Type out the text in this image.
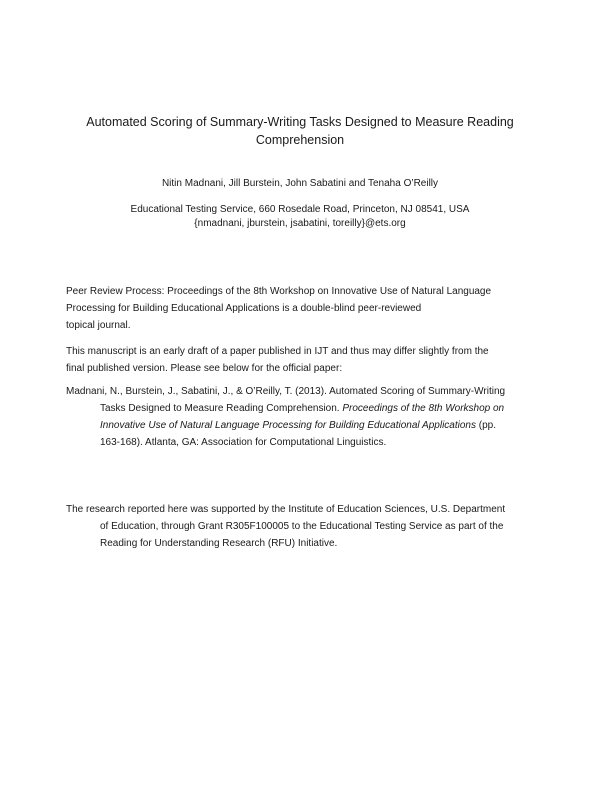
Automated Scoring of Summary-Writing Tasks Designed to Measure Reading
Comprehension
Nitin Madnani, Jill Burstein, John Sabatini and Tenaha O’Reilly
Educational Testing Service, 660 Rosedale Road, Princeton, NJ 08541, USA
{nmadnani, jburstein, jsabatini, toreilly}@ets.org
Peer Review Process: Proceedings of the 8th Workshop on Innovative Use of Natural Language
Processing for Building Educational Applications is a double-blind peer-reviewed
topical journal.
This manuscript is an early draft of a paper published in IJT and thus may differ slightly from the
final published version. Please see below for the official paper:
Madnani, N., Burstein, J., Sabatini, J., & O’Reilly, T. (2013). Automated Scoring of Summary-Writing
Tasks Designed to Measure Reading Comprehension. Proceedings of the 8th Workshop on
Innovative Use of Natural Language Processing for Building Educational Applications (pp.
163-168). Atlanta, GA: Association for Computational Linguistics.
The research reported here was supported by the Institute of Education Sciences, U.S. Department
of Education, through Grant R305F100005 to the Educational Testing Service as part of the
Reading for Understanding Research (RFU) Initiative.
